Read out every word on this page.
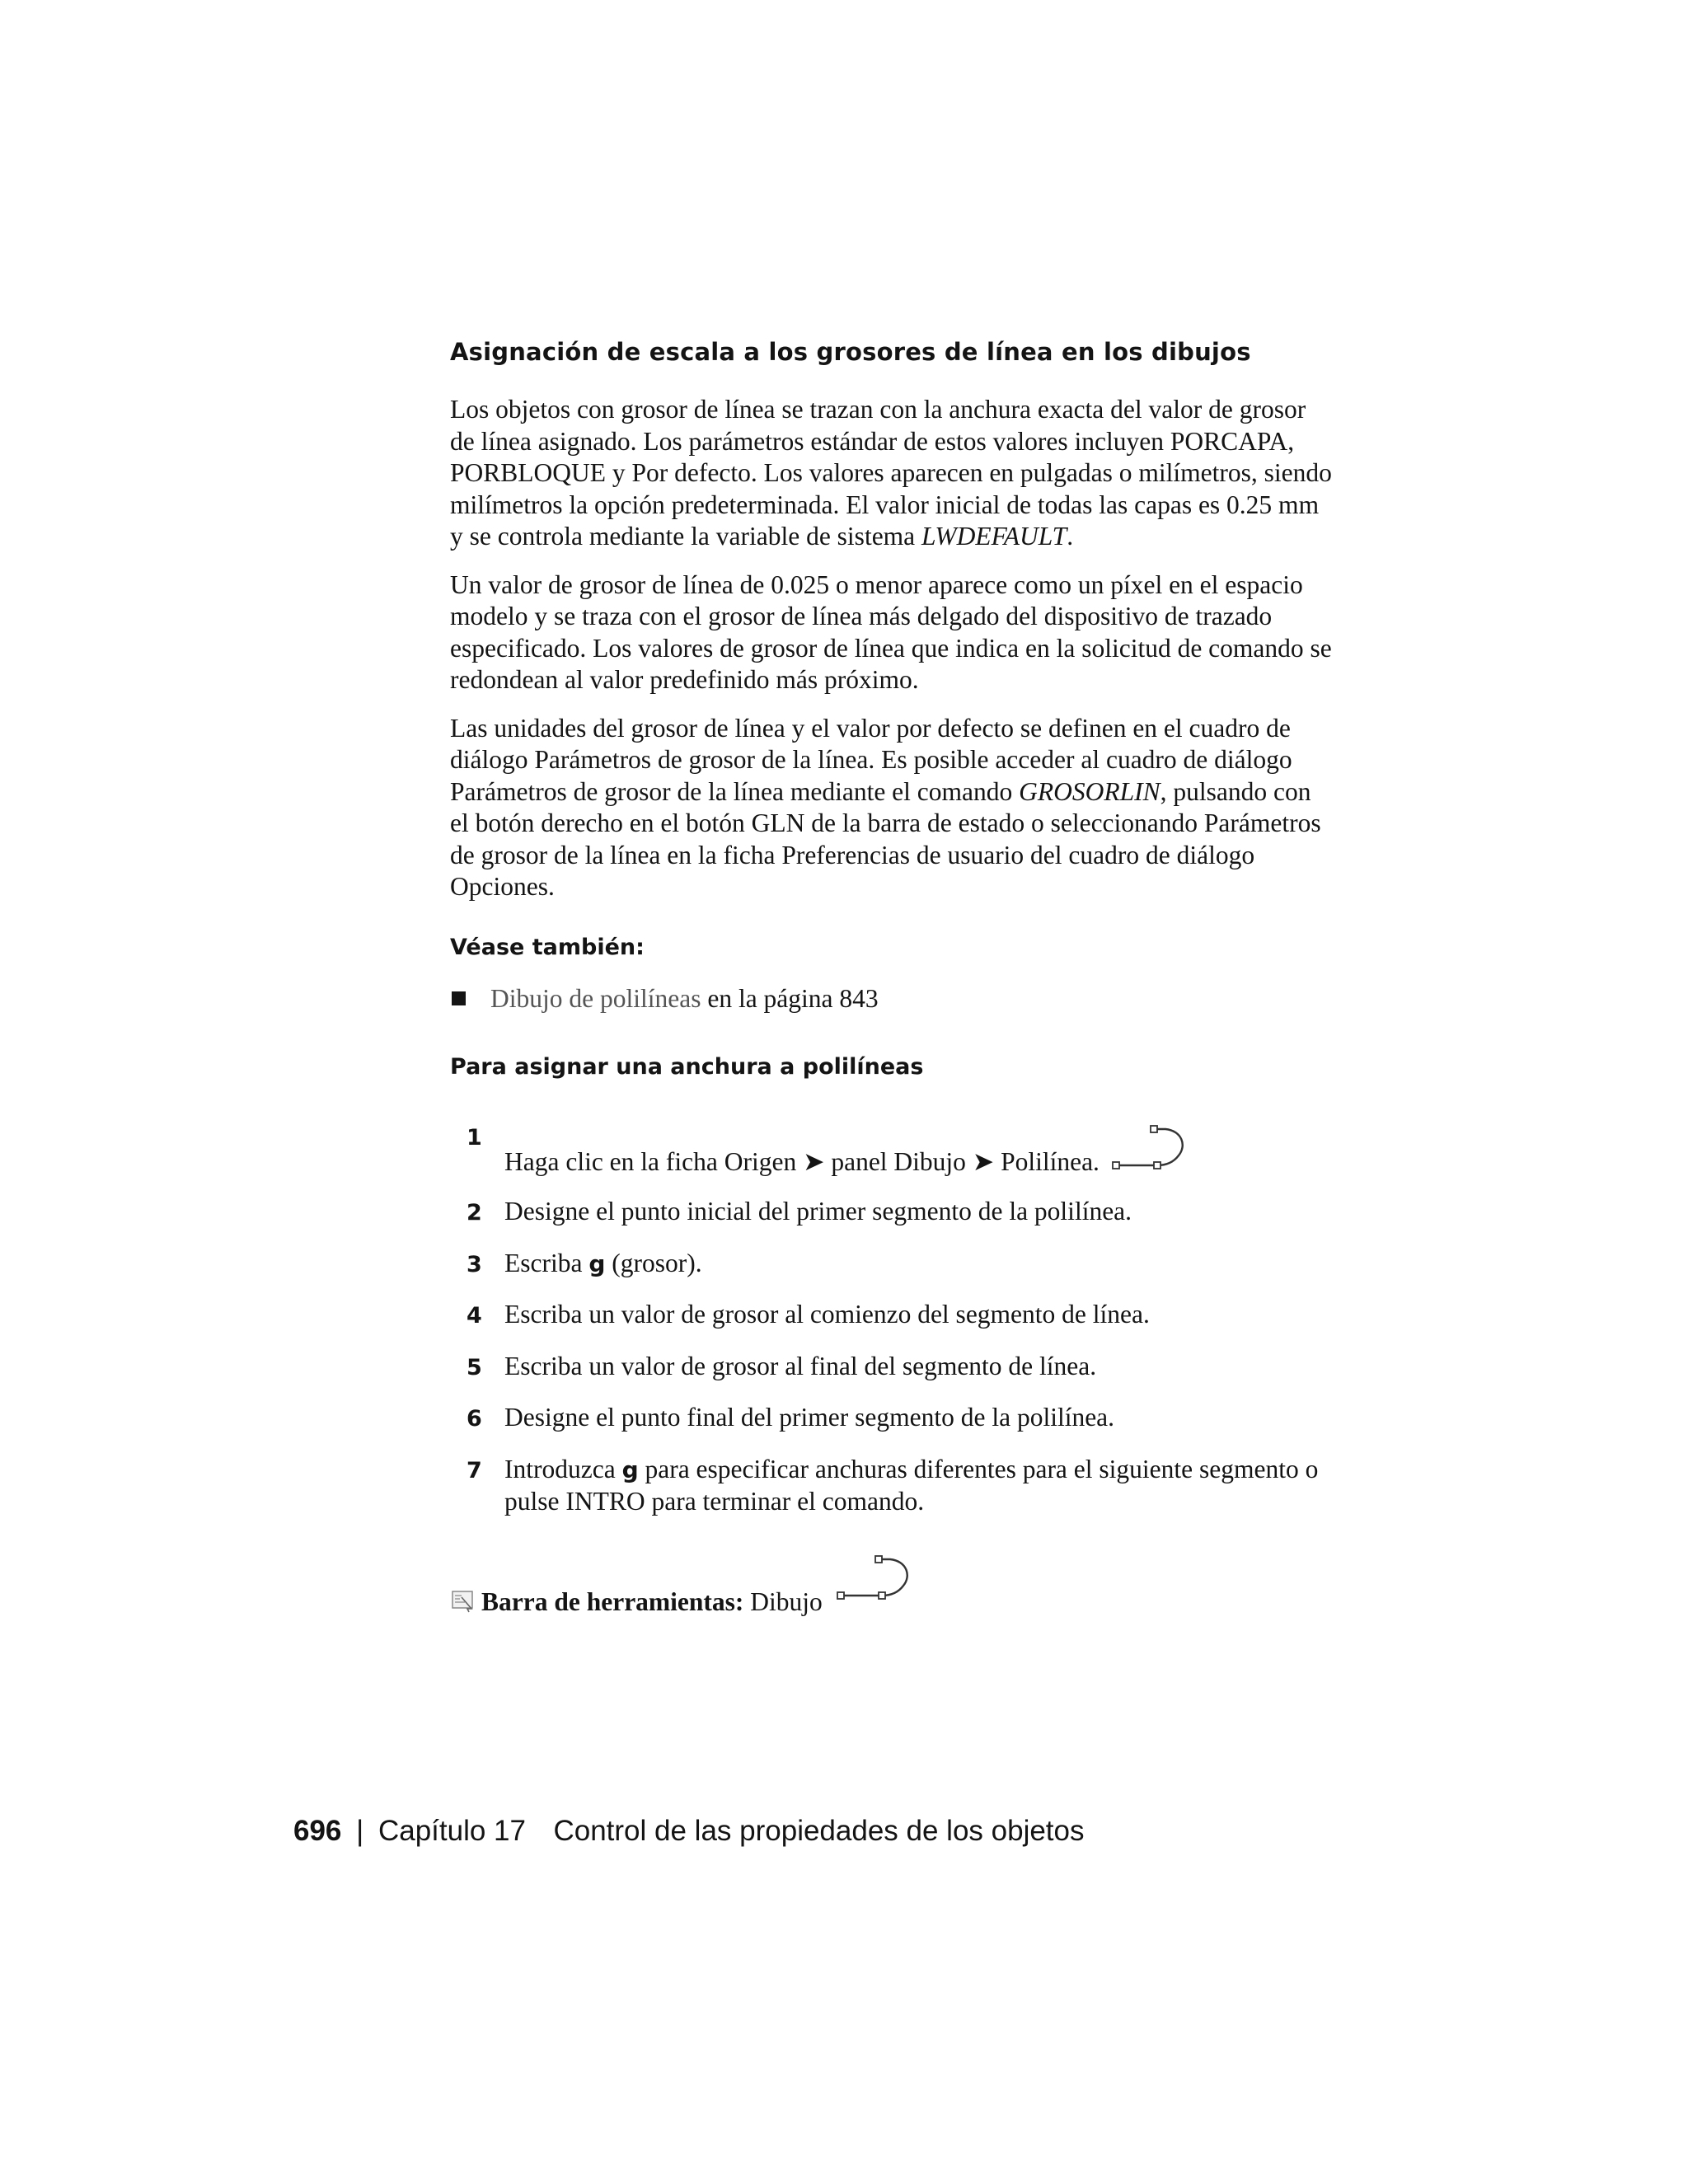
Asignación de escala a los grosores de línea en los dibujos

Los objetos con grosor de línea se trazan con la anchura exacta del valor de grosor de línea asignado. Los parámetros estándar de estos valores incluyen PORCAPA, PORBLOQUE y Por defecto. Los valores aparecen en pulgadas o milímetros, siendo milímetros la opción predeterminada. El valor inicial de todas las capas es 0.25 mm y se controla mediante la variable de sistema LWDEFAULT.

Un valor de grosor de línea de 0.025 o menor aparece como un píxel en el espacio modelo y se traza con el grosor de línea más delgado del dispositivo de trazado especificado. Los valores de grosor de línea que indica en la solicitud de comando se redondean al valor predefinido más próximo.

Las unidades del grosor de línea y el valor por defecto se definen en el cuadro de diálogo Parámetros de grosor de la línea. Es posible acceder al cuadro de diálogo Parámetros de grosor de la línea mediante el comando GROSORLIN, pulsando con el botón derecho en el botón GLN de la barra de estado o seleccionando Parámetros de grosor de la línea en la ficha Preferencias de usuario del cuadro de diálogo Opciones.

Véase también:
Dibujo de polilíneas en la página 843
Para asignar una anchura a polilíneas
1
Haga clic en la ficha Origen ➤ panel Dibujo ➤ Polilínea.
2 Designe el punto inicial del primer segmento de la polilínea.
3 Escriba g (grosor).
4 Escriba un valor de grosor al comienzo del segmento de línea.
5 Escriba un valor de grosor al final del segmento de línea.
6 Designe el punto final del primer segmento de la polilínea.
7 Introduzca g para especificar anchuras diferentes para el siguiente segmento o pulse INTRO para terminar el comando.
Barra de herramientas:
Dibujo
696 | Capítulo 17 Control de las propiedades de los objetos
